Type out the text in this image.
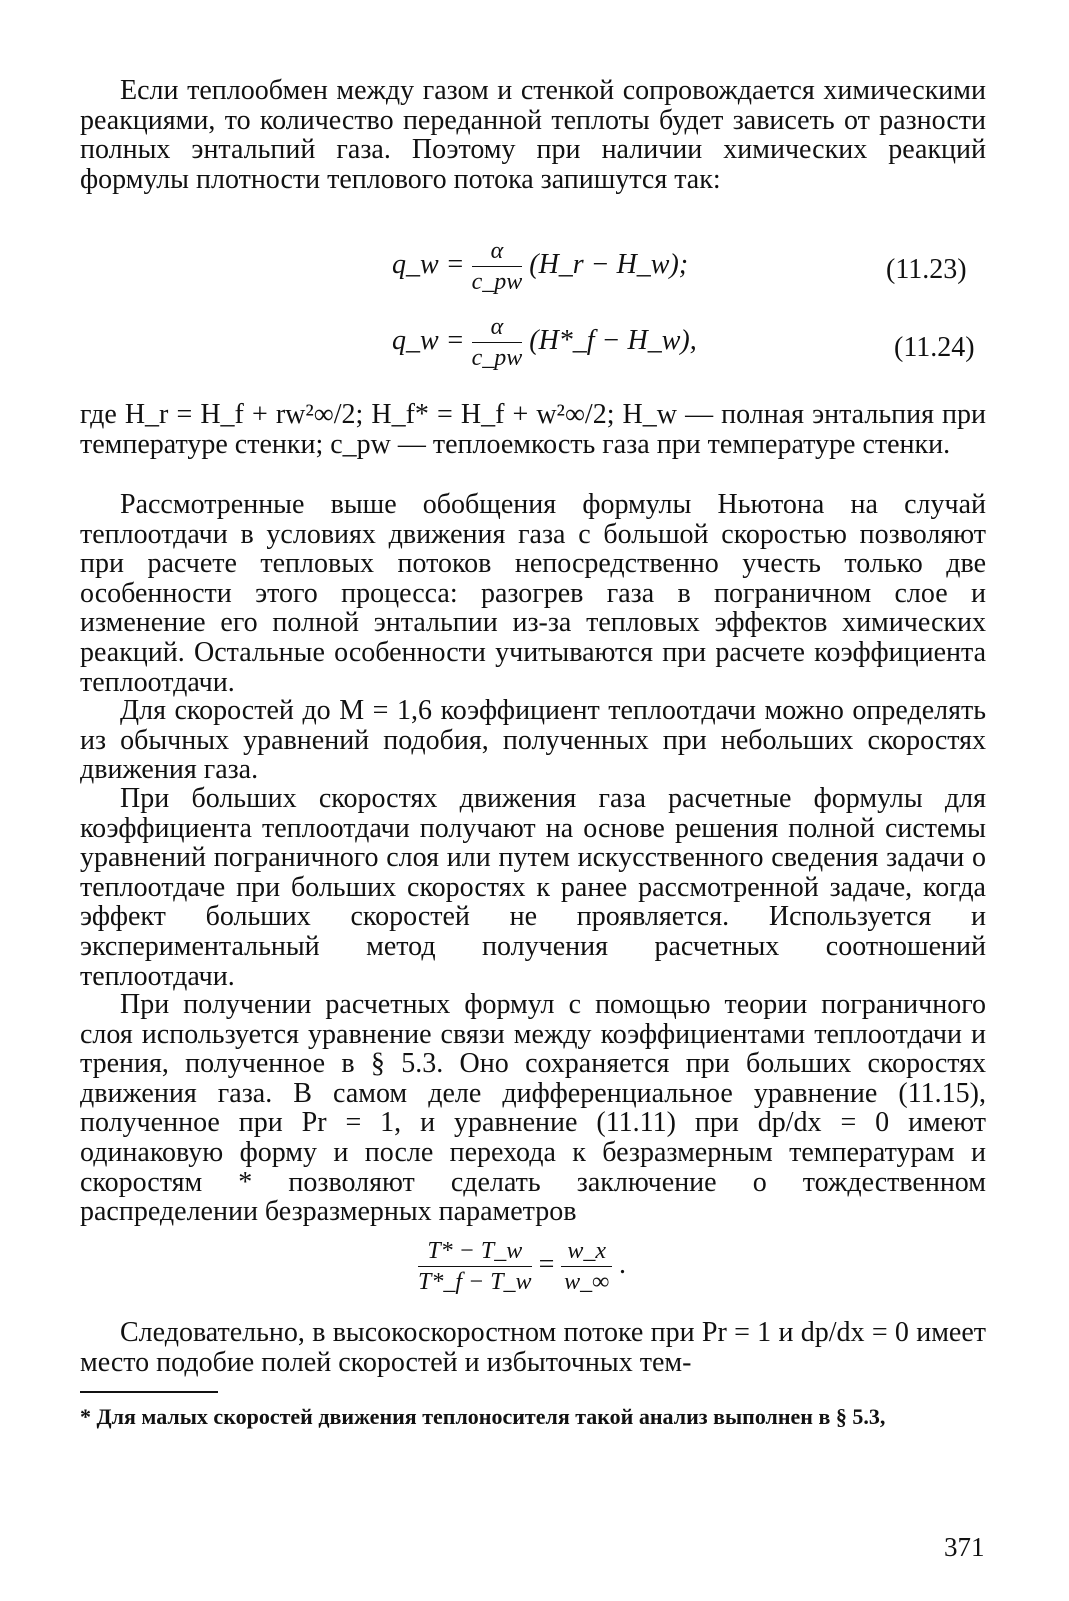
Если теплообмен между газом и стенкой сопровождается химическими реакциями, то количество переданной теплоты будет зависеть от разности полных энтальпий газа. Поэтому при наличии химических реакций формулы плотности теплового потока запишутся так:

q_w = $\frac{\alpha}{c\_pw}$ (H_r − H_w);	(11.23)
q_w = $\frac{\alpha}{c\_pw}$ (H*_f − H_w),	(11.24)

где H_r = H_f + rw²∞/2; H_f* = H_f + w²∞/2; H_w — полная энтальпия при температуре стенки; c_pw — теплоемкость газа при температуре стенки.

Рассмотренные выше обобщения формулы Ньютона на случай теплоотдачи в условиях движения газа с большой скоростью позволяют при расчете тепловых потоков непосредственно учесть только две особенности этого процесса: разогрев газа в пограничном слое и изменение его полной энтальпии из-за тепловых эффектов химических реакций. Остальные особенности учитываются при расчете коэффициента теплоотдачи.

Для скоростей до M = 1,6 коэффициент теплоотдачи можно определять из обычных уравнений подобия, полученных при небольших скоростях движения газа.

При больших скоростях движения газа расчетные формулы для коэффициента теплоотдачи получают на основе решения полной системы уравнений пограничного слоя или путем искусственного сведения задачи о теплоотдаче при больших скоростях к ранее рассмотренной задаче, когда эффект больших скоростей не проявляется. Используется и экспериментальный метод получения расчетных соотношений теплоотдачи.

При получении расчетных формул с помощью теории пограничного слоя используется уравнение связи между коэффициентами теплоотдачи и трения, полученное в § 5.3. Оно сохраняется при больших скоростях движения газа. В самом деле дифференциальное уравнение (11.15), полученное при Pr = 1, и уравнение (11.11) при dp/dx = 0 имеют одинаковую форму и после перехода к безразмерным температурам и скоростям * позволяют сделать заключение о тождественном распределении безразмерных параметров

$\frac{T* - T\_w}{T*\_f - T\_w} = \frac{w\_x}{w\_\infty}$ .

Следовательно, в высокоскоростном потоке при Pr = 1 и dp/dx = 0 имеет место подобие полей скоростей и избыточных тем-

* Для малых скоростей движения теплоносителя такой анализ выполнен в § 5.3,
371
